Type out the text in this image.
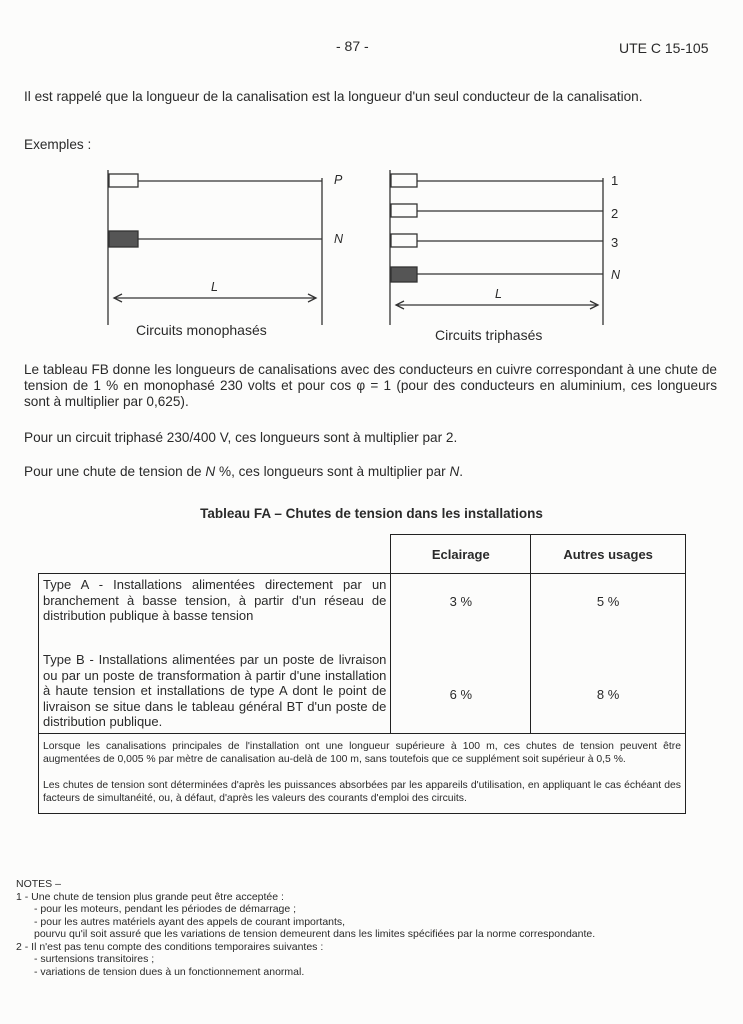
- 87 -	UTE C 15-105
Il est rappelé que la longueur de la canalisation est la longueur d'un seul conducteur de la canalisation.
Exemples :
P
N
L
Circuits monophasés
1
2
3
N
L
Circuits triphasés
Le tableau FB donne les longueurs de canalisations avec des conducteurs en cuivre correspondant à une chute de tension de 1 % en monophasé 230 volts et pour cos φ = 1 (pour des conducteurs en aluminium, ces longueurs sont à multiplier par 0,625).
Pour un circuit triphasé 230/400 V, ces longueurs sont à multiplier par 2.
Pour une chute de tension de N %, ces longueurs sont à multiplier par N.
Tableau FA – Chutes de tension dans les installations
	Eclairage	Autres usages
Type A - Installations alimentées directement par un branchement à basse tension, à partir d'un réseau de distribution publique à basse tension	3 %	5 %
Type B - Installations alimentées par un poste de livraison ou par un poste de transformation à partir d'une installation à haute tension et installations de type A dont le point de livraison se situe dans le tableau général BT d'un poste de distribution publique.	6 %	8 %

Lorsque les canalisations principales de l'installation ont une longueur supérieure à 100 m, ces chutes de tension peuvent être augmentées de 0,005 % par mètre de canalisation au-delà de 100 m, sans toutefois que ce supplément soit supérieur à 0,5 %.

Les chutes de tension sont déterminées d'après les puissances absorbées par les appareils d'utilisation, en appliquant le cas échéant des facteurs de simultanéité, ou, à défaut, d'après les valeurs des courants d'emploi des circuits.		

NOTES –
1 - Une chute de tension plus grande peut être acceptée :
- pour les moteurs, pendant les périodes de démarrage ;
- pour les autres matériels ayant des appels de courant importants,
pourvu qu'il soit assuré que les variations de tension demeurent dans les limites spécifiées par la norme correspondante.
2 - Il n'est pas tenu compte des conditions temporaires suivantes :
- surtensions transitoires ;
- variations de tension dues à un fonctionnement anormal.
